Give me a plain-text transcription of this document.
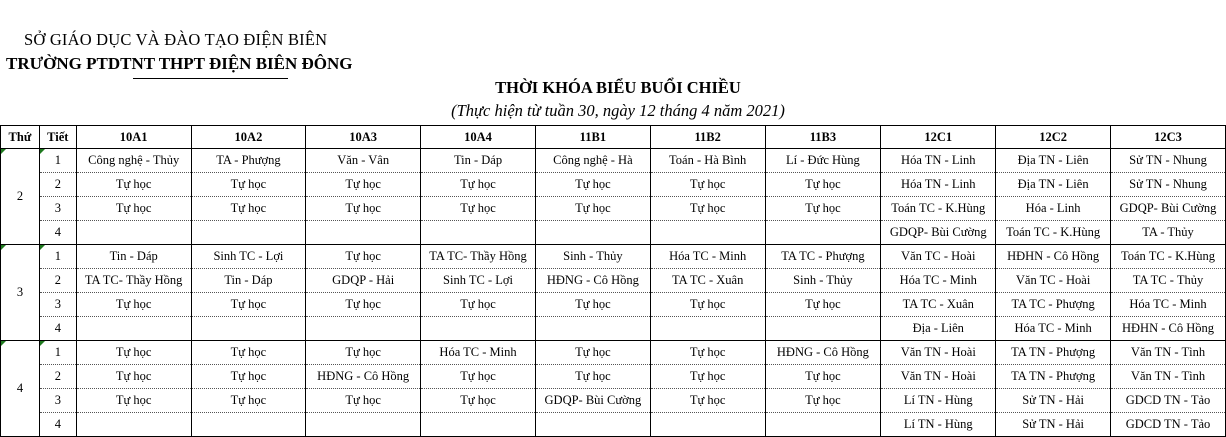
SỞ GIÁO DỤC VÀ ĐÀO TẠO ĐIỆN BIÊN
TRƯỜNG PTDTNT THPT ĐIỆN BIÊN ĐÔNG
THỜI KHÓA BIỂU BUỔI CHIỀU
(Thực hiện từ tuần 30, ngày 12 tháng 4 năm 2021)
Thứ	Tiết	10A1	10A2	10A3	10A4	11B1	11B2	11B3	12C1	12C2	12C3

2	1	Công nghệ - Thủy	TA - Phượng	Văn - Vân	Tin - Dáp	Công nghệ - Hà	Toán - Hà Bình	Lí - Đức Hùng	Hóa TN - Linh	Địa TN - Liên	Sử TN - Nhung
	2	Tự học	Tự học	Tự học	Tự học	Tự học	Tự học	Tự học	Hóa TN - Linh	Địa TN - Liên	Sử TN - Nhung
	3	Tự học	Tự học	Tự học	Tự học	Tự học	Tự học	Tự học	Toán TC - K.Hùng	Hóa - Linh	GDQP- Bùi Cường
	4								GDQP- Bùi Cường	Toán TC - K.Hùng	TA - Thủy

3	1	Tin - Dáp	Sinh TC - Lợi	Tự học	TA TC- Thầy Hồng	Sinh - Thủy	Hóa TC - Minh	TA TC - Phượng	Văn TC - Hoài	HĐHN - Cô Hồng	Toán TC - K.Hùng
	2	TA TC- Thầy Hồng	Tin - Dáp	GDQP - Hải	Sinh TC - Lợi	HĐNG - Cô Hồng	TA TC - Xuân	Sinh - Thủy	Hóa TC - Minh	Văn TC - Hoài	TA TC - Thủy
	3	Tự học	Tự học	Tự học	Tự học	Tự học	Tự học	Tự học	TA TC - Xuân	TA TC - Phượng	Hóa TC - Minh
	4								Địa - Liên	Hóa TC - Minh	HĐHN - Cô Hồng

4	1	Tự học	Tự học	Tự học	Hóa TC - Minh	Tự học	Tự học	HĐNG - Cô Hồng	Văn TN - Hoài	TA TN - Phượng	Văn TN - Tình
	2	Tự học	Tự học	HĐNG - Cô Hồng	Tự học	Tự học	Tự học	Tự học	Văn TN - Hoài	TA TN - Phượng	Văn TN - Tình
	3	Tự học	Tự học	Tự học	Tự học	GDQP- Bùi Cường	Tự học	Tự học	Lí TN - Hùng	Sử TN - Hải	GDCD TN - Tảo
	4								Lí TN - Hùng	Sử TN - Hải	GDCD TN - Tảo
